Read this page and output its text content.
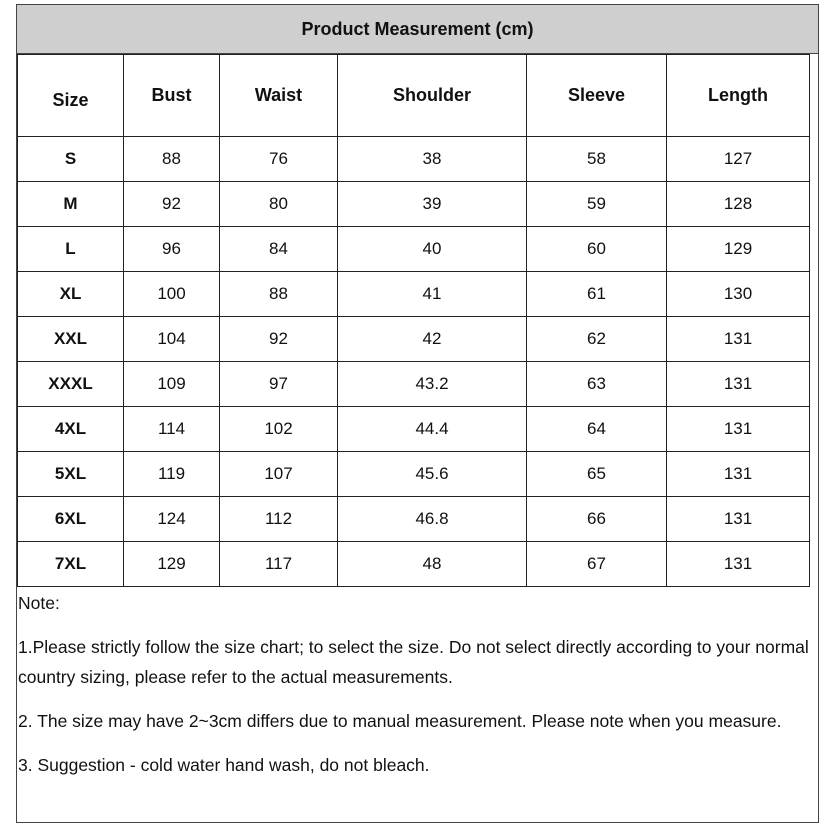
Product Measurement (cm)
Size	Bust	Waist	Shoulder	Sleeve	Length
S	88	76	38	58	127
M	92	80	39	59	128
L	96	84	40	60	129
XL	100	88	41	61	130
XXL	104	92	42	62	131
XXXL	109	97	43.2	63	131
4XL	114	102	44.4	64	131
5XL	119	107	45.6	65	131
6XL	124	112	46.8	66	131
7XL	129	117	48	67	131

Note:

1.Please strictly follow the size chart; to select the size. Do not select directly according to your normal country sizing, please refer to the actual measurements.

2. The size may have 2~3cm differs due to manual measurement. Please note when you measure.

3. Suggestion - cold water hand wash, do not bleach.
